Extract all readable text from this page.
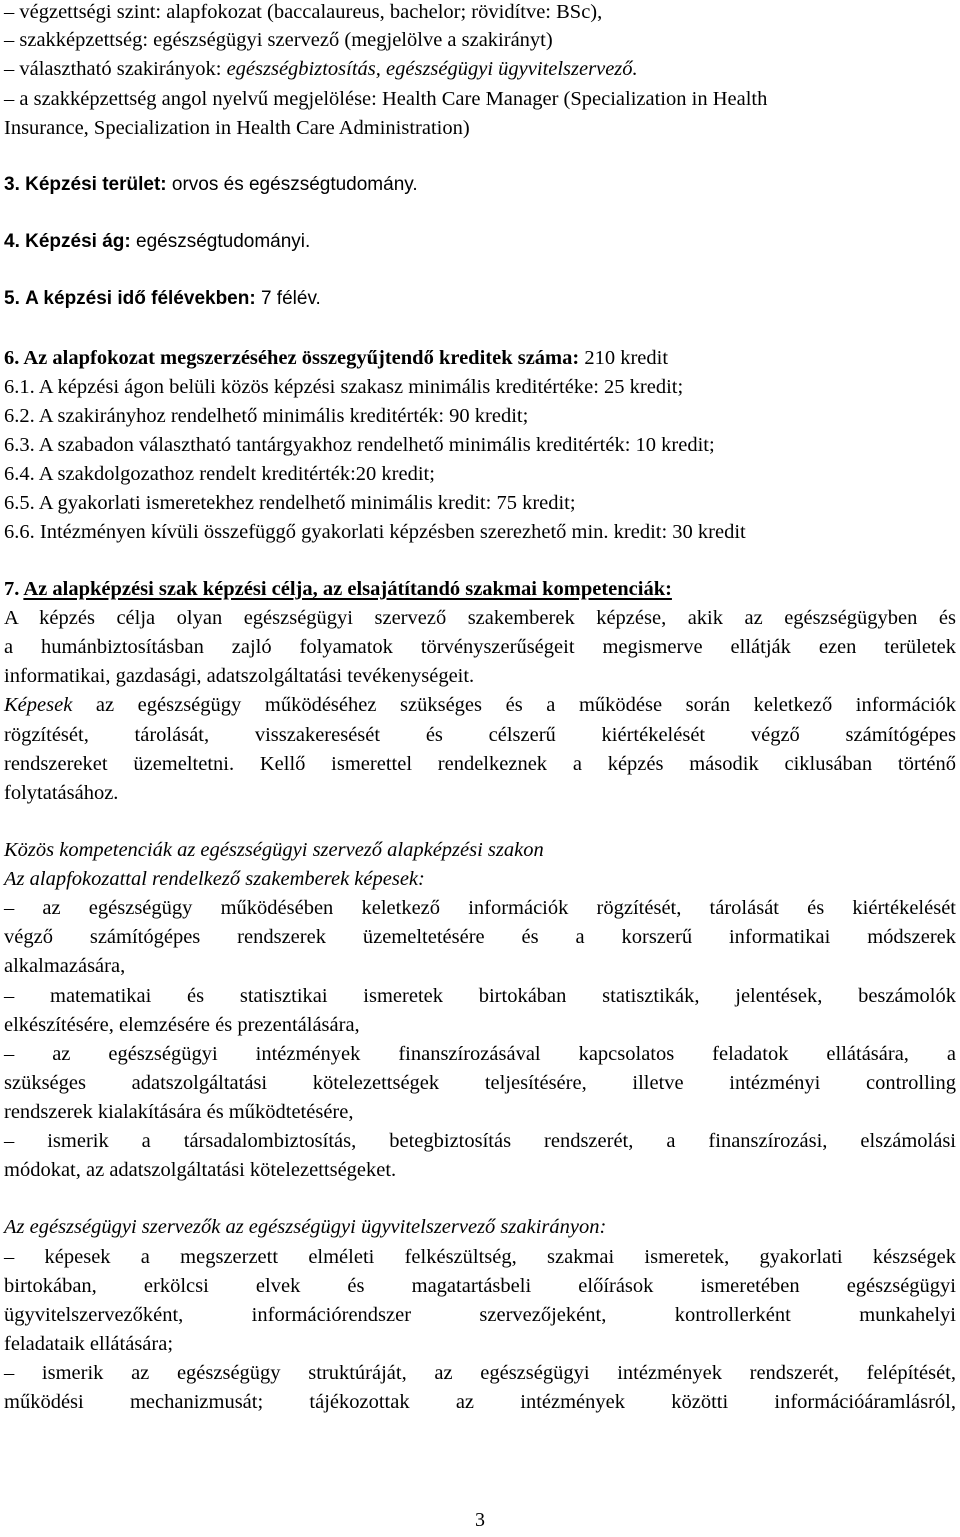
– végzettségi szint: alapfokozat (baccalaureus, bachelor; rövidítve: BSc),
– szakképzettség: egészségügyi szervező (megjelölve a szakirányt)
– választható szakirányok: egészségbiztosítás, egészségügyi ügyvitelszervező.
– a szakképzettség angol nyelvű megjelölése: Health Care Manager (Specialization in Health
Insurance, Specialization in Health Care Administration)
3. Képzési terület: orvos és egészségtudomány.
4. Képzési ág: egészségtudományi.
5. A képzési idő félévekben: 7 félév.
6. Az alapfokozat megszerzéséhez összegyűjtendő kreditek száma: 210 kredit
6.1. A képzési ágon belüli közös képzési szakasz minimális kreditértéke: 25 kredit;
6.2. A szakirányhoz rendelhető minimális kreditérték: 90 kredit;
6.3. A szabadon választható tantárgyakhoz rendelhető minimális kreditérték: 10 kredit;
6.4. A szakdolgozathoz rendelt kreditérték:20 kredit;
6.5. A gyakorlati ismeretekhez rendelhető minimális kredit: 75 kredit;
6.6. Intézményen kívüli összefüggő gyakorlati képzésben szerezhető min. kredit: 30 kredit
7. Az alapképzési szak képzési célja, az elsajátítandó szakmai kompetenciák:
A képzés célja olyan egészségügyi szervező szakemberek képzése, akik az egészségügyben és
a humánbiztosításban zajló folyamatok törvényszerűségeit megismerve ellátják ezen területek
informatikai, gazdasági, adatszolgáltatási tevékenységeit.
Képesek az egészségügy működéséhez szükséges és a működése során keletkező információk
rögzítését, tárolását, visszakeresését és célszerű kiértékelését végző számítógépes
rendszereket üzemeltetni. Kellő ismerettel rendelkeznek a képzés második ciklusában történő
folytatásához.
Közös kompetenciák az egészségügyi szervező alapképzési szakon
Az alapfokozattal rendelkező szakemberek képesek:
– az egészségügy működésében keletkező információk rögzítését, tárolását és kiértékelését
végző számítógépes rendszerek üzemeltetésére és a korszerű informatikai módszerek
alkalmazására,
– matematikai és statisztikai ismeretek birtokában statisztikák, jelentések, beszámolók
elkészítésére, elemzésére és prezentálására,
– az egészségügyi intézmények finanszírozásával kapcsolatos feladatok ellátására, a
szükséges adatszolgáltatási kötelezettségek teljesítésére, illetve intézményi controlling
rendszerek kialakítására és működtetésére,
– ismerik a társadalombiztosítás, betegbiztosítás rendszerét, a finanszírozási, elszámolási
módokat, az adatszolgáltatási kötelezettségeket.
Az egészségügyi szervezők az egészségügyi ügyvitelszervező szakirányon:
– képesek a megszerzett elméleti felkészültség, szakmai ismeretek, gyakorlati készségek
birtokában, erkölcsi elvek és magatartásbeli előírások ismeretében egészségügyi
ügyvitelszervezőként, információrendszer szervezőjeként, kontrollerként munkahelyi
feladataik ellátására;
– ismerik az egészségügy struktúráját, az egészségügyi intézmények rendszerét, felépítését,
működési mechanizmusát; tájékozottak az intézmények közötti információáramlásról,
3
